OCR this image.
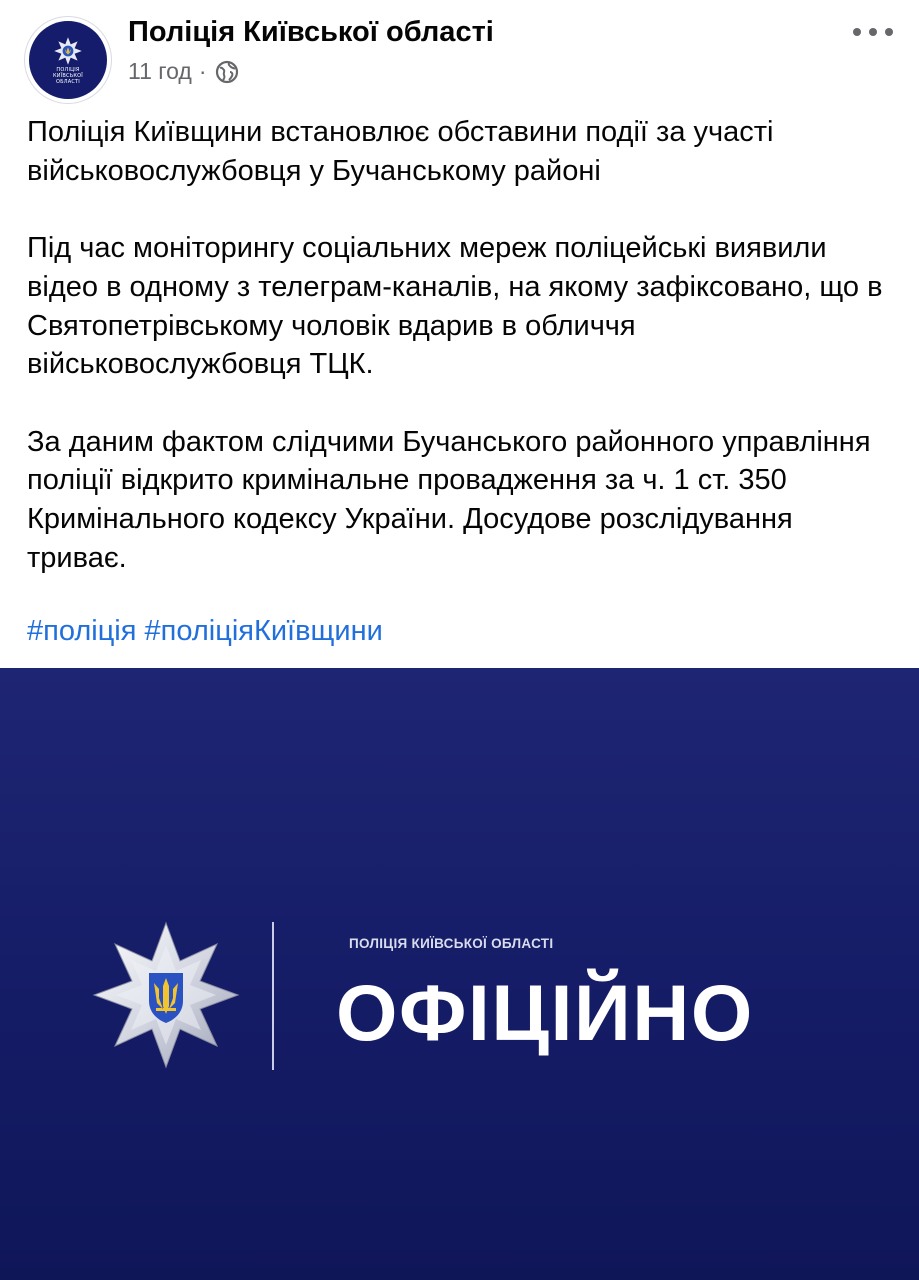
ПОЛІЦІЯ
КИЇВСЬКОЇ
ОБЛАСТІ
Поліція Київської області
11 год ·

Поліція Київщини встановлює обставини події за участі військовослужбовця у Бучанському районі

Під час моніторингу соціальних мереж поліцейські виявили відео в одному з телеграм-каналів, на якому зафіксовано, що в Святопетрівському чоловік вдарив в обличчя військовослужбовця ТЦК.

За даним фактом слідчими Бучанського районного управління поліції відкрито кримінальне провадження за ч. 1 ст. 350 Кримінального кодексу України. Досудове розслідування триває.

#поліція #поліціяКиївщини
ПОЛІЦІЯ КИЇВСЬКОЇ ОБЛАСТІ
ОФІЦІЙНО
